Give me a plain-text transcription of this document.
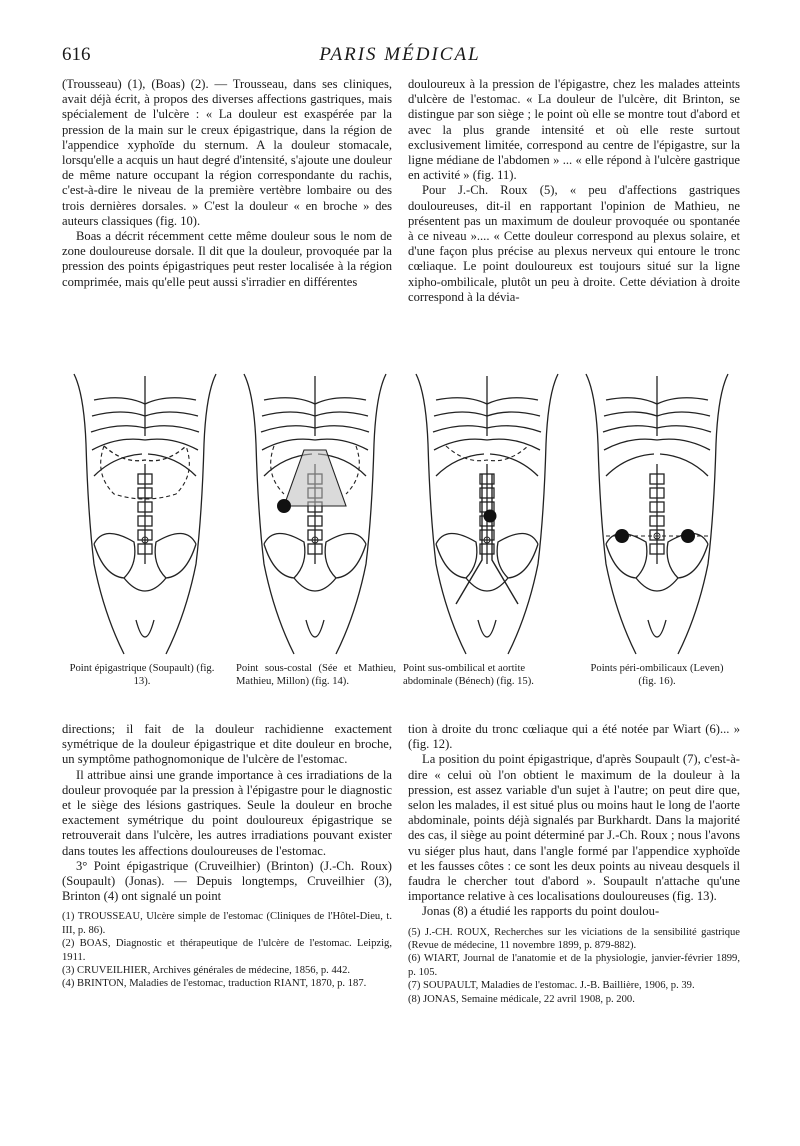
616	PARIS MÉDICAL

(Trousseau) (1), (Boas) (2). — Trousseau, dans ses cliniques, avait déjà écrit, à propos des diverses affections gastriques, mais spécialement de l'ulcère : « La douleur est exaspérée par la pression de la main sur le creux épigastrique, dans la région de l'appendice xyphoïde du sternum. A la douleur stomacale, lorsqu'elle a acquis un haut degré d'intensité, s'ajoute une douleur de même nature occupant la région correspondante du rachis, c'est-à-dire le niveau de la première vertèbre lombaire ou des trois dernières dorsales. » C'est la douleur « en broche » des auteurs classiques (fig. 10).

Boas a décrit récemment cette même douleur sous le nom de zone douloureuse dorsale. Il dit que la douleur, provoquée par la pression des points épigastriques peut rester localisée à la région comprimée, mais qu'elle peut aussi s'irradier en différentes

douloureux à la pression de l'épigastre, chez les malades atteints d'ulcère de l'estomac. « La douleur de l'ulcère, dit Brinton, se distingue par son siège ; le point où elle se montre tout d'abord et avec la plus grande intensité et où elle reste surtout exclusivement limitée, correspond au centre de l'épigastre, sur la ligne médiane de l'abdomen » ... « elle répond à l'ulcère gastrique en activité » (fig. 11).

Pour J.-Ch. Roux (5), « peu d'affections gastriques douloureuses, dit-il en rapportant l'opinion de Mathieu, ne présentent pas un maximum de douleur provoquée ou spontanée à ce niveau ».... « Cette douleur correspond au plexus solaire, et d'une façon plus précise au plexus nerveux qui entoure le tronc cœliaque. Le point douloureux est toujours situé sur la ligne xipho-ombilicale, plutôt un peu à droite. Cette déviation à droite correspond à la dévia-

Point épigastrique (Soupault) (fig. 13).
Point sous-costal (Sée et Mathieu, Mathieu, Millon) (fig. 14).
Point sus-ombilical et aortite abdominale (Bénech) (fig. 15).
Points péri-ombilicaux (Leven) (fig. 16).

directions; il fait de la douleur rachidienne exactement symétrique de la douleur épigastrique et dite douleur en broche, un symptôme pathognomonique de l'ulcère de l'estomac.

Il attribue ainsi une grande importance à ces irradiations de la douleur provoquée par la pression à l'épigastre pour le diagnostic et le siège des lésions gastriques. Seule la douleur en broche exactement symétrique du point douloureux épigastrique se retrouverait dans l'ulcère, les autres irradiations pouvant exister dans toutes les affections douloureuses de l'estomac.

3° Point épigastrique (Cruveilhier) (Brinton) (J.-Ch. Roux) (Soupault) (Jonas). — Depuis longtemps, Cruveilhier (3), Brinton (4) ont signalé un point

(1) TROUSSEAU, Ulcère simple de l'estomac (Cliniques de l'Hôtel-Dieu, t. III, p. 86).

(2) BOAS, Diagnostic et thérapeutique de l'ulcère de l'estomac. Leipzig, 1911.

(3) CRUVEILHIER, Archives générales de médecine, 1856, p. 442.

(4) BRINTON, Maladies de l'estomac, traduction RIANT, 1870, p. 187.

tion à droite du tronc cœliaque qui a été notée par Wiart (6)... » (fig. 12).

La position du point épigastrique, d'après Soupault (7), c'est-à-dire « celui où l'on obtient le maximum de la douleur à la pression, est assez variable d'un sujet à l'autre; on peut dire que, selon les malades, il est situé plus ou moins haut le long de l'aorte abdominale, points déjà signalés par Burkhardt. Dans la majorité des cas, il siège au point déterminé par J.-Ch. Roux ; nous l'avons vu siéger plus haut, dans l'angle formé par l'appendice xyphoïde et les fausses côtes : ce sont les deux points au niveau desquels il faudra le chercher tout d'abord ». Soupault n'attache qu'une importance relative à ces localisations douloureuses (fig. 13).

Jonas (8) a étudié les rapports du point doulou-

(5) J.-CH. ROUX, Recherches sur les viciations de la sensibilité gastrique (Revue de médecine, 11 novembre 1899, p. 879-882).

(6) WIART, Journal de l'anatomie et de la physiologie, janvier-février 1899, p. 105.

(7) SOUPAULT, Maladies de l'estomac. J.-B. Baillière, 1906, p. 39.

(8) JONAS, Semaine médicale, 22 avril 1908, p. 200.
